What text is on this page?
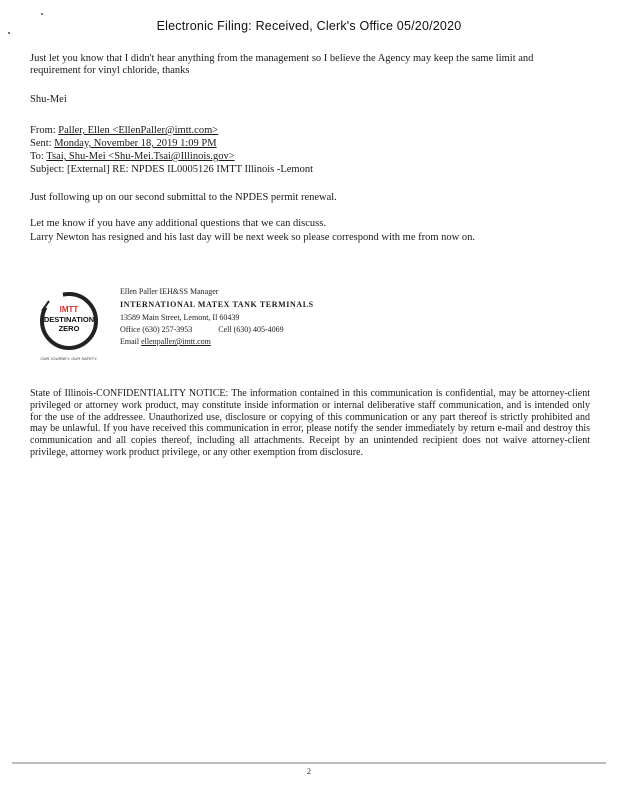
Electronic Filing: Received, Clerk's Office 05/20/2020
Just let you know that I didn't hear anything from the management so I believe the Agency may keep the same limit and requirement for vinyl chloride, thanks
Shu-Mei
From: Paller, Ellen <EllenPaller@imtt.com>
Sent: Monday, November 18, 2019 1:09 PM
To: Tsai, Shu-Mei <Shu-Mei.Tsai@Illinois.gov>
Subject: [External] RE: NPDES IL0005126 IMTT Illinois -Lemont
Just following up on our second submittal to the NPDES permit renewal.
Let me know if you have any additional questions that we can discuss.
Larry Newton has resigned and his last day will be next week so please correspond with me from now on.
IMTT
DESTINATION
ZERO
OUR JOURNEY. OUR SAFETY.
Ellen Paller IEH&SS Manager
INTERNATIONAL MATEX TANK TERMINALS
13589 Main Street, Lemont, Il 60439
Office (630) 257-3953	Cell (630) 405-4069
Email ellenpaller@imtt.com
State of Illinois-CONFIDENTIALITY NOTICE: The information contained in this communication is confidential, may be attorney-client privileged or attorney work product, may constitute inside information or internal deliberative staff communication, and is intended only for the use of the addressee. Unauthorized use, disclosure or copying of this communication or any part thereof is strictly prohibited and may be unlawful. If you have received this communication in error, please notify the sender immediately by return e-mail and destroy this communication and all copies thereof, including all attachments. Receipt by an unintended recipient does not waive attorney-client privilege, attorney work product privilege, or any other exemption from disclosure.
2
